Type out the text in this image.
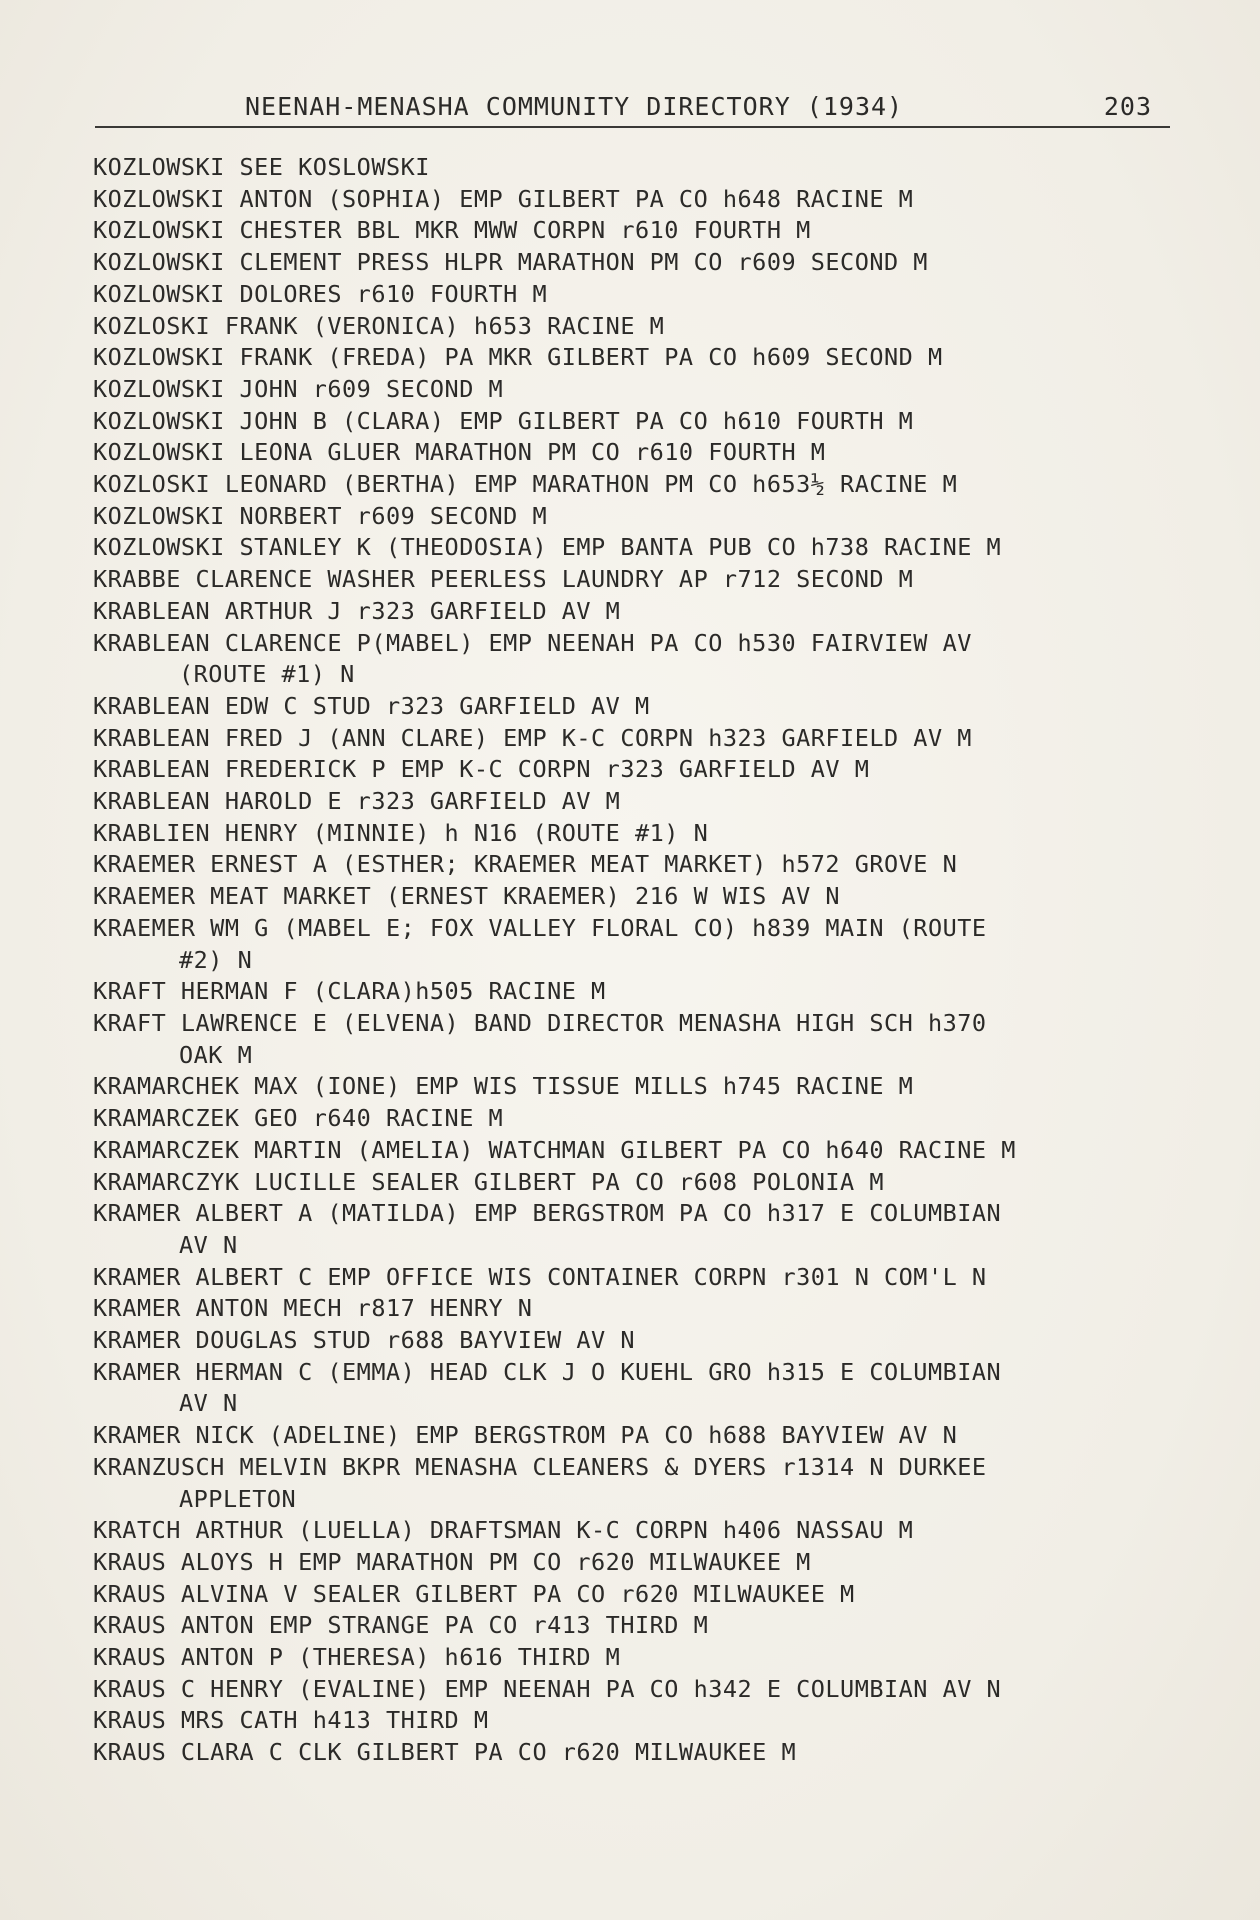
NEENAH-MENASHA COMMUNITY DIRECTORY (1934)	203
KOZLOWSKI SEE KOSLOWSKI
KOZLOWSKI ANTON (SOPHIA) EMP GILBERT PA CO h648 RACINE M
KOZLOWSKI CHESTER BBL MKR MWW CORPN r610 FOURTH M
KOZLOWSKI CLEMENT PRESS HLPR MARATHON PM CO r609 SECOND M
KOZLOWSKI DOLORES r610 FOURTH M
KOZLOSKI FRANK (VERONICA) h653 RACINE M
KOZLOWSKI FRANK (FREDA) PA MKR GILBERT PA CO h609 SECOND M
KOZLOWSKI JOHN r609 SECOND M
KOZLOWSKI JOHN B (CLARA) EMP GILBERT PA CO h610 FOURTH M
KOZLOWSKI LEONA GLUER MARATHON PM CO r610 FOURTH M
KOZLOSKI LEONARD (BERTHA) EMP MARATHON PM CO h653½ RACINE M
KOZLOWSKI NORBERT r609 SECOND M
KOZLOWSKI STANLEY K (THEODOSIA) EMP BANTA PUB CO h738 RACINE M
KRABBE CLARENCE WASHER PEERLESS LAUNDRY AP r712 SECOND M
KRABLEAN ARTHUR J r323 GARFIELD AV M
KRABLEAN CLARENCE P(MABEL) EMP NEENAH PA CO h530 FAIRVIEW AV
(ROUTE #1) N
KRABLEAN EDW C STUD r323 GARFIELD AV M
KRABLEAN FRED J (ANN CLARE) EMP K-C CORPN h323 GARFIELD AV M
KRABLEAN FREDERICK P EMP K-C CORPN r323 GARFIELD AV M
KRABLEAN HAROLD E r323 GARFIELD AV M
KRABLIEN HENRY (MINNIE) h N16 (ROUTE #1) N
KRAEMER ERNEST A (ESTHER; KRAEMER MEAT MARKET) h572 GROVE N
KRAEMER MEAT MARKET (ERNEST KRAEMER) 216 W WIS AV N
KRAEMER WM G (MABEL E; FOX VALLEY FLORAL CO) h839 MAIN (ROUTE
#2) N
KRAFT HERMAN F (CLARA)h505 RACINE M
KRAFT LAWRENCE E (ELVENA) BAND DIRECTOR MENASHA HIGH SCH h370
OAK M
KRAMARCHEK MAX (IONE) EMP WIS TISSUE MILLS h745 RACINE M
KRAMARCZEK GEO r640 RACINE M
KRAMARCZEK MARTIN (AMELIA) WATCHMAN GILBERT PA CO h640 RACINE M
KRAMARCZYK LUCILLE SEALER GILBERT PA CO r608 POLONIA M
KRAMER ALBERT A (MATILDA) EMP BERGSTROM PA CO h317 E COLUMBIAN
AV N
KRAMER ALBERT C EMP OFFICE WIS CONTAINER CORPN r301 N COM'L N
KRAMER ANTON MECH r817 HENRY N
KRAMER DOUGLAS STUD r688 BAYVIEW AV N
KRAMER HERMAN C (EMMA) HEAD CLK J O KUEHL GRO h315 E COLUMBIAN
AV N
KRAMER NICK (ADELINE) EMP BERGSTROM PA CO h688 BAYVIEW AV N
KRANZUSCH MELVIN BKPR MENASHA CLEANERS & DYERS r1314 N DURKEE
APPLETON
KRATCH ARTHUR (LUELLA) DRAFTSMAN K-C CORPN h406 NASSAU M
KRAUS ALOYS H EMP MARATHON PM CO r620 MILWAUKEE M
KRAUS ALVINA V SEALER GILBERT PA CO r620 MILWAUKEE M
KRAUS ANTON EMP STRANGE PA CO r413 THIRD M
KRAUS ANTON P (THERESA) h616 THIRD M
KRAUS C HENRY (EVALINE) EMP NEENAH PA CO h342 E COLUMBIAN AV N
KRAUS MRS CATH h413 THIRD M
KRAUS CLARA C CLK GILBERT PA CO r620 MILWAUKEE M
